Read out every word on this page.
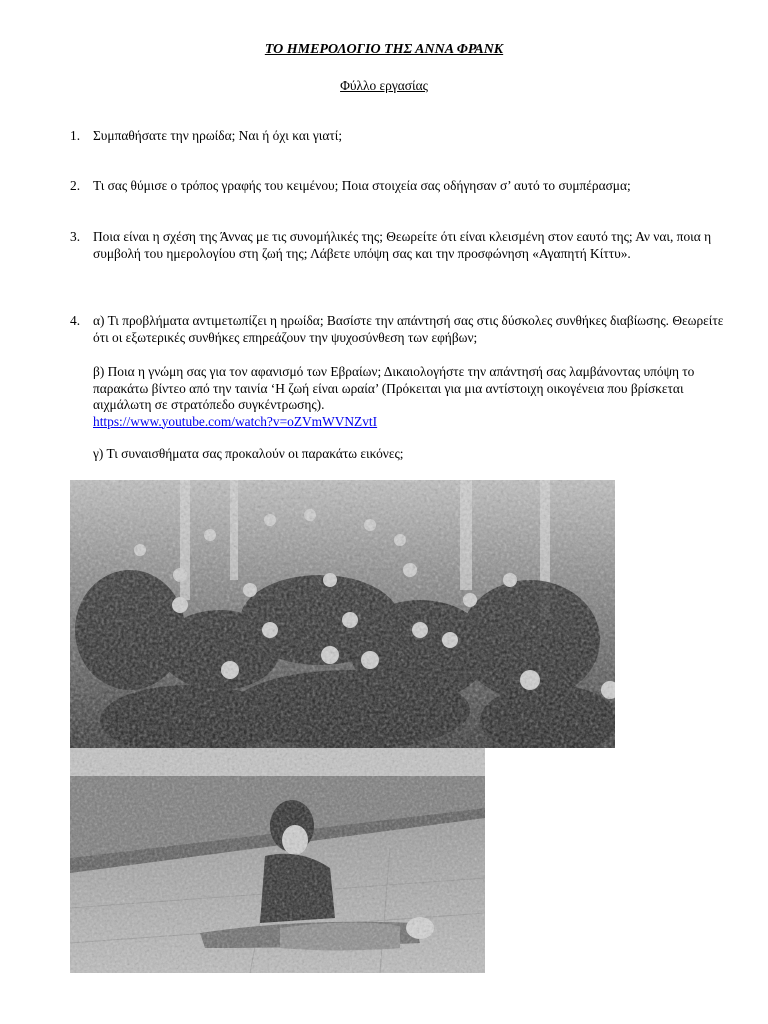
ΤΟ ΗΜΕΡΟΛΟΓΙΟ ΤΗΣ ΑΝΝΑ ΦΡΑΝΚ
Φύλλο εργασίας
1. Συμπαθήσατε την ηρωίδα; Ναι ή όχι και γιατί;
2. Τι σας θύμισε ο τρόπος γραφής του κειμένου; Ποια στοιχεία σας οδήγησαν σ’ αυτό το συμπέρασμα;
3. Ποια είναι η σχέση της Άννας με τις συνομήλικές της; Θεωρείτε ότι είναι κλεισμένη στον εαυτό της; Αν ναι, ποια η συμβολή του ημερολογίου στη ζωή της; Λάβετε υπόψη σας και την προσφώνηση «Αγαπητή Κίττυ».
4. α) Τι προβλήματα αντιμετωπίζει η ηρωίδα; Βασίστε την απάντησή σας στις δύσκολες συνθήκες διαβίωσης. Θεωρείτε ότι οι εξωτερικές συνθήκες επηρεάζουν την ψυχοσύνθεση των εφήβων;
β) Ποια η γνώμη σας για τον αφανισμό των Εβραίων; Δικαιολογήστε την απάντησή σας λαμβάνοντας υπόψη το παρακάτω βίντεο από την ταινία ‘Η ζωή είναι ωραία’ (Πρόκειται για μια αντίστοιχη οικογένεια που βρίσκεται αιχμάλωτη σε στρατόπεδο συγκέντρωσης).
https://www.youtube.com/watch?v=oZVmWVNZvtI
γ) Τι συναισθήματα σας προκαλούν οι παρακάτω εικόνες;
